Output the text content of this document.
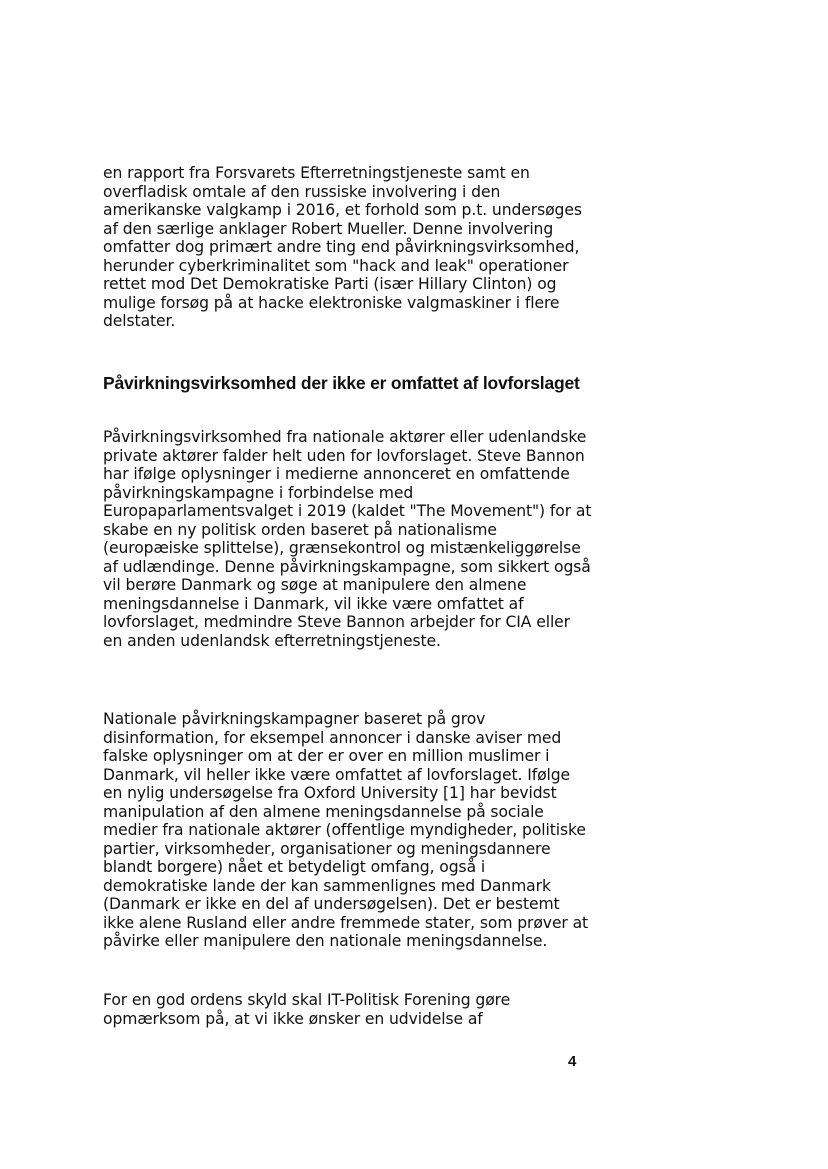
en rapport fra Forsvarets Efterretningstjeneste samt en overfladisk omtale af den russiske involvering i den amerikanske valgkamp i 2016, et forhold som p.t. undersøges af den særlige anklager Robert Mueller. Denne involvering omfatter dog primært andre ting end påvirkningsvirksomhed, herunder cyberkriminalitet som "hack and leak" operationer rettet mod Det Demokratiske Parti (især Hillary Clinton) og mulige forsøg på at hacke elektroniske valgmaskiner i flere delstater.

Påvirkningsvirksomhed der ikke er omfattet af lovforslaget

Påvirkningsvirksomhed fra nationale aktører eller udenlandske private aktører falder helt uden for lovforslaget. Steve Bannon har ifølge oplysninger i medierne annonceret en omfattende påvirkningskampagne i forbindelse med Europaparlamentsvalget i 2019 (kaldet "The Movement") for at skabe en ny politisk orden baseret på nationalisme (europæiske splittelse), grænsekontrol og mistænkeliggørelse af udlændinge. Denne påvirkningskampagne, som sikkert også vil berøre Danmark og søge at manipulere den almene meningsdannelse i Danmark, vil ikke være omfattet af lovforslaget, medmindre Steve Bannon arbejder for CIA eller en anden udenlandsk efterretningstjeneste.

Nationale påvirkningskampagner baseret på grov disinformation, for eksempel annoncer i danske aviser med falske oplysninger om at der er over en million muslimer i Danmark, vil heller ikke være omfattet af lovforslaget. Ifølge en nylig undersøgelse fra Oxford University [1] har bevidst manipulation af den almene meningsdannelse på sociale medier fra nationale aktører (offentlige myndigheder, politiske partier, virksomheder, organisationer og meningsdannere blandt borgere) nået et betydeligt omfang, også i demokratiske lande der kan sammenlignes med Danmark (Danmark er ikke en del af undersøgelsen). Det er bestemt ikke alene Rusland eller andre fremmede stater, som prøver at påvirke eller manipulere den nationale meningsdannelse.

For en god ordens skyld skal IT-Politisk Forening gøre opmærksom på, at vi ikke ønsker en udvidelse af

4
